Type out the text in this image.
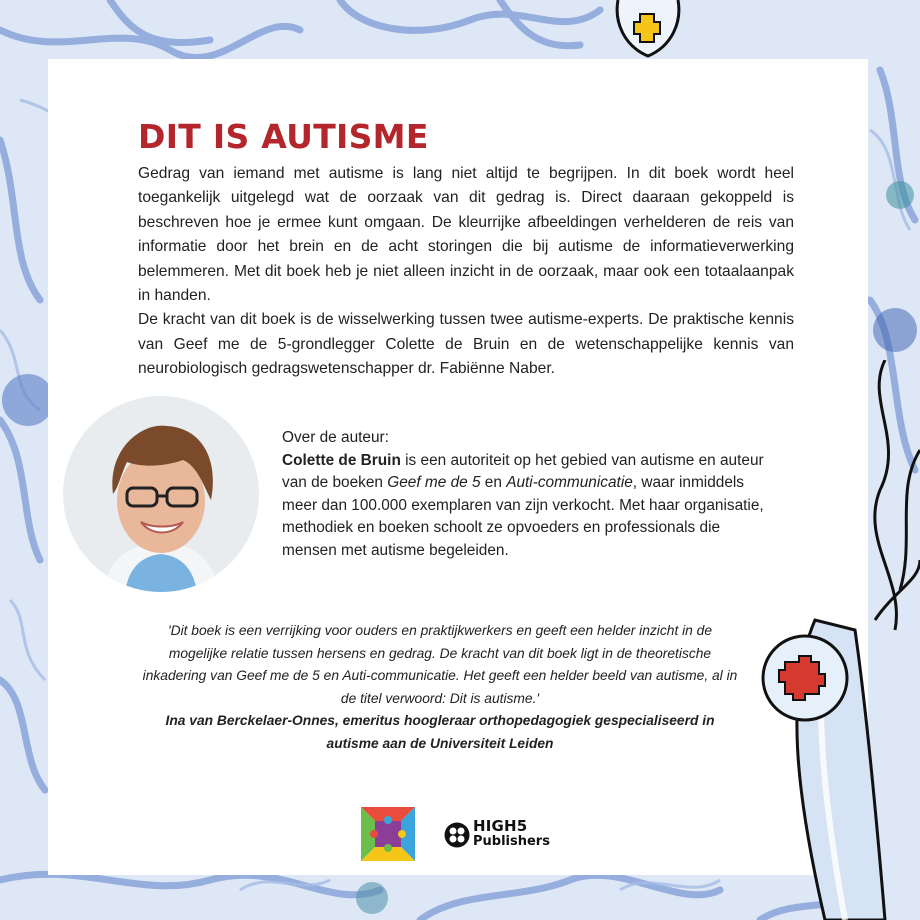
DIT IS AUTISME

Gedrag van iemand met autisme is lang niet altijd te begrijpen. In dit boek wordt heel toegankelijk uitgelegd wat de oorzaak van dit gedrag is. Direct daaraan gekoppeld is beschreven hoe je ermee kunt omgaan. De kleurrijke afbeeldingen verhelderen de reis van informatie door het brein en de acht storingen die bij autisme de informatieverwerking belemmeren. Met dit boek heb je niet alleen inzicht in de oorzaak, maar ook een totaalaanpak in handen.

De kracht van dit boek is de wisselwerking tussen twee autisme-experts. De praktische kennis van Geef me de 5-grondlegger Colette de Bruin en de wetenschappelijke kennis van neurobiologisch gedragswetenschapper dr. Fabiënne Naber.

Over de auteur:
Colette de Bruin is een autoriteit op het gebied van autisme en auteur van de boeken Geef me de 5 en Auti-communicatie, waar inmiddels meer dan 100.000 exemplaren van zijn verkocht. Met haar organisatie, methodiek en boeken schoolt ze opvoeders en professionals die mensen met autisme begeleiden.
'Dit boek is een verrijking voor ouders en praktijkwerkers en geeft een helder inzicht in de mogelijke relatie tussen hersens en gedrag. De kracht van dit boek ligt in de theoretische inkadering van Geef me de 5 en Auti-communicatie. Het geeft een helder beeld van autisme, al in de titel verwoord: Dit is autisme.'
Ina van Berckelaer-Onnes, emeritus hoogleraar orthopedagogiek gespecialiseerd in autisme aan de Universiteit Leiden
HIGH5
Publishers
